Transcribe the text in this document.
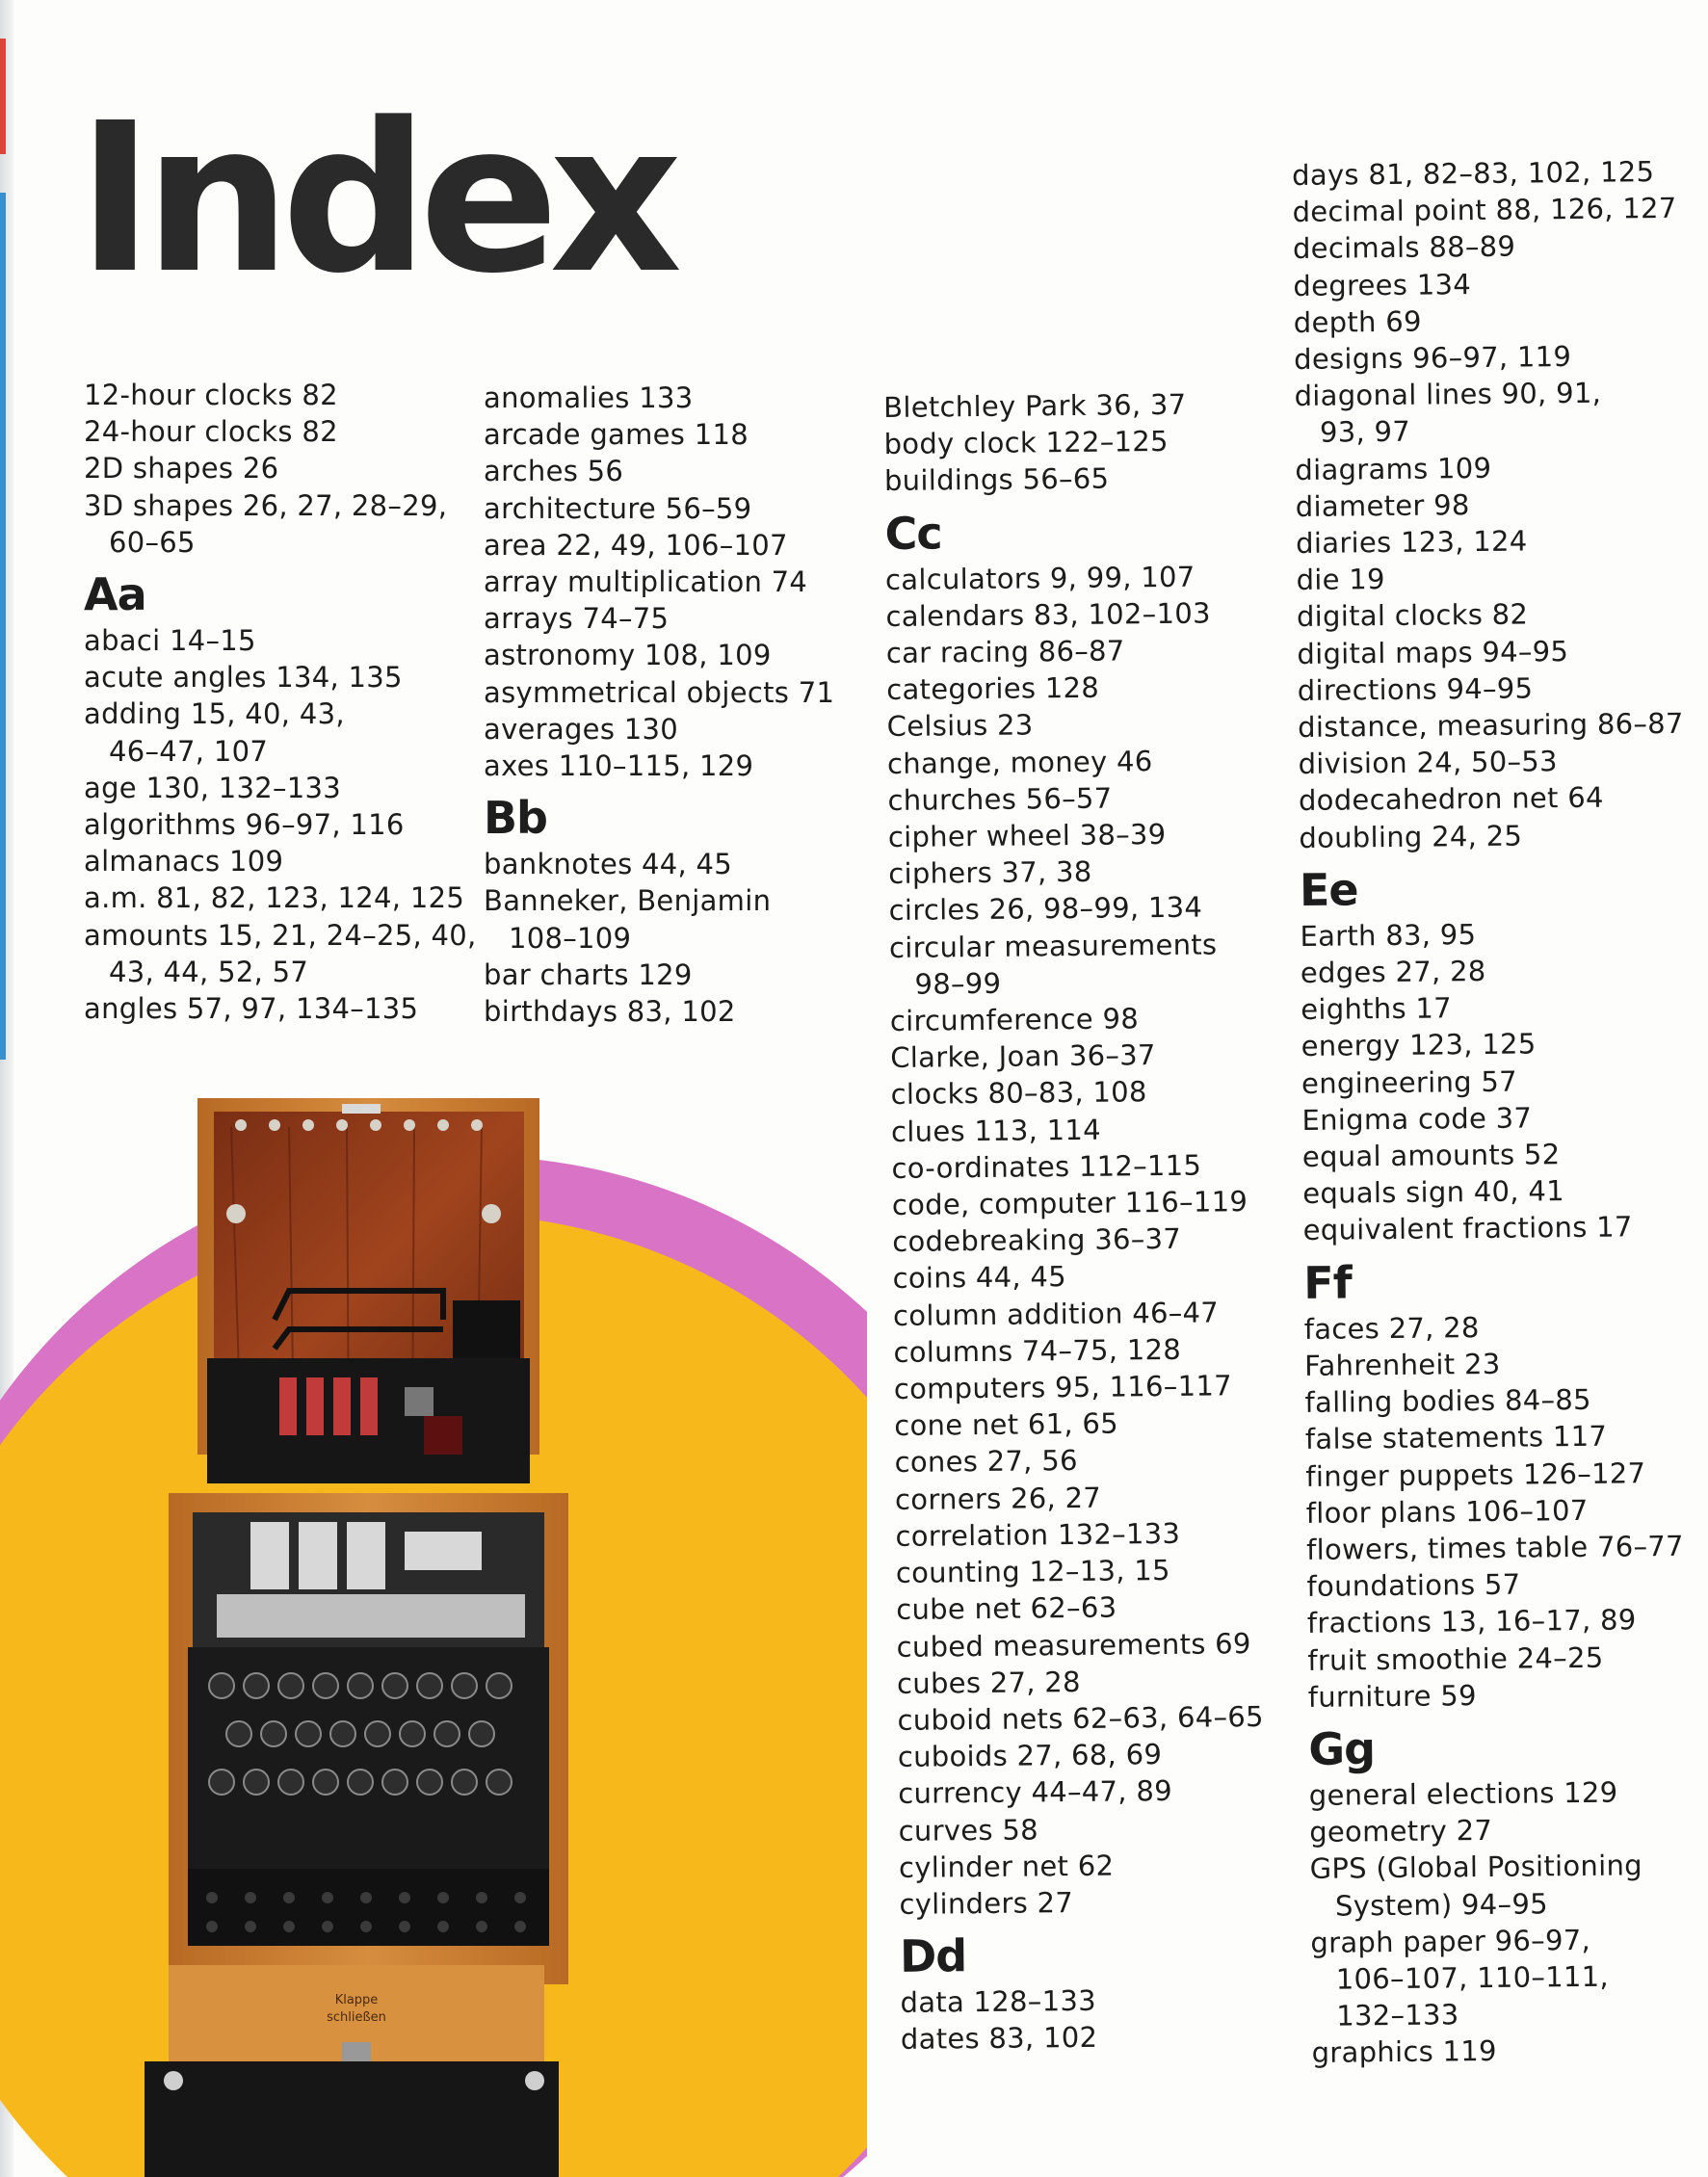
Index
Klappe
schließen
12-hour clocks 82
24-hour clocks 82
2D shapes 26
3D shapes 26, 27, 28–29,
60–65
Aa
abaci 14–15
acute angles 134, 135
adding 15, 40, 43,
46–47, 107
age 130, 132–133
algorithms 96–97, 116
almanacs 109
a.m. 81, 82, 123, 124, 125
amounts 15, 21, 24–25, 40,
43, 44, 52, 57
angles 57, 97, 134–135
anomalies 133
arcade games 118
arches 56
architecture 56–59
area 22, 49, 106–107
array multiplication 74
arrays 74–75
astronomy 108, 109
asymmetrical objects 71
averages 130
axes 110–115, 129
Bb
banknotes 44, 45
Banneker, Benjamin
108–109
bar charts 129
birthdays 83, 102
Bletchley Park 36, 37
body clock 122–125
buildings 56–65
Cc
calculators 9, 99, 107
calendars 83, 102–103
car racing 86–87
categories 128
Celsius 23
change, money 46
churches 56–57
cipher wheel 38–39
ciphers 37, 38
circles 26, 98–99, 134
circular measurements
98–99
circumference 98
Clarke, Joan 36–37
clocks 80–83, 108
clues 113, 114
co-ordinates 112–115
code, computer 116–119
codebreaking 36–37
coins 44, 45
column addition 46–47
columns 74–75, 128
computers 95, 116–117
cone net 61, 65
cones 27, 56
corners 26, 27
correlation 132–133
counting 12–13, 15
cube net 62–63
cubed measurements 69
cubes 27, 28
cuboid nets 62–63, 64–65
cuboids 27, 68, 69
currency 44–47, 89
curves 58
cylinder net 62
cylinders 27
Dd
data 128–133
dates 83, 102
days 81, 82–83, 102, 125
decimal point 88, 126, 127
decimals 88–89
degrees 134
depth 69
designs 96–97, 119
diagonal lines 90, 91,
93, 97
diagrams 109
diameter 98
diaries 123, 124
die 19
digital clocks 82
digital maps 94–95
directions 94–95
distance, measuring 86–87
division 24, 50–53
dodecahedron net 64
doubling 24, 25
Ee
Earth 83, 95
edges 27, 28
eighths 17
energy 123, 125
engineering 57
Enigma code 37
equal amounts 52
equals sign 40, 41
equivalent fractions 17
Ff
faces 27, 28
Fahrenheit 23
falling bodies 84–85
false statements 117
finger puppets 126–127
floor plans 106–107
flowers, times table 76–77
foundations 57
fractions 13, 16–17, 89
fruit smoothie 24–25
furniture 59
Gg
general elections 129
geometry 27
GPS (Global Positioning
System) 94–95
graph paper 96–97,
106–107, 110–111,
132–133
graphics 119
